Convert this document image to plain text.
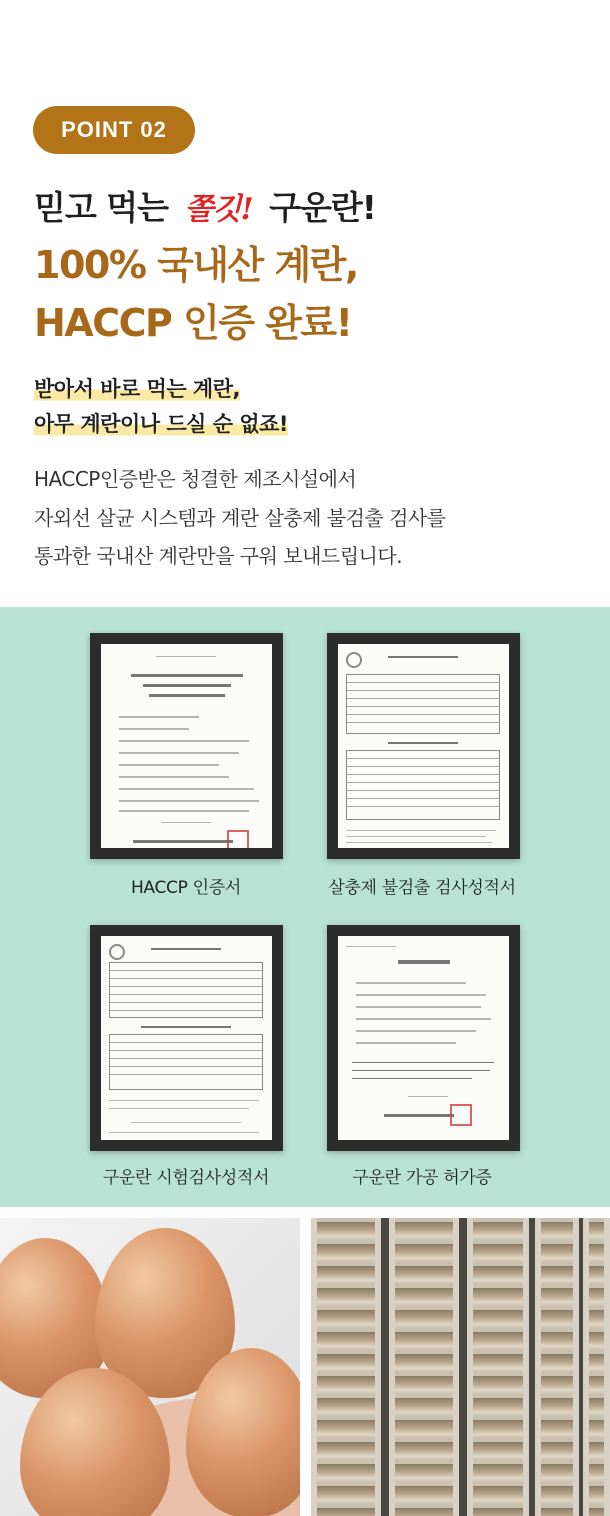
POINT 02
믿고 먹는 쫄깃! 구운란!
100% 국내산 계란,
HACCP 인증 완료!
받아서 바로 먹는 계란,
아무 계란이나 드실 순 없죠!
HACCP인증받은 청결한 제조시설에서
자외선 살균 시스템과 계란 살충제 불검출 검사를
통과한 국내산 계란만을 구워 보내드립니다.
HACCP 인증서	살충제 불검출 검사성적서
구운란 시험검사성적서	구운란 가공 허가증
